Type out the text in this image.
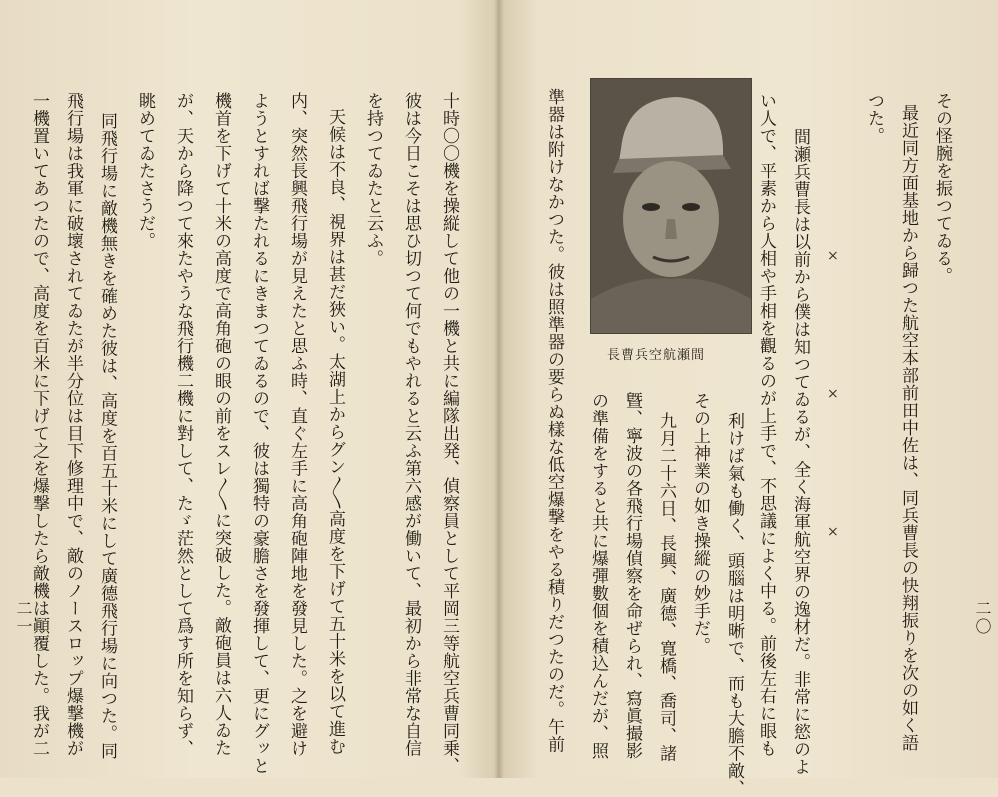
十時〇〇機を操縦して他の一機と共に編隊出発、偵察員として平岡三等航空兵曹同乗、
彼は今日こそは思ひ切つて何でもやれると云ふ第六感が働いて、最初から非常な自信
を持つてゐたと云ふ。
天候は不良、視界は甚だ狹い。太湖上からグン〳〵高度を下げて五十米を以て進む
内、突然長興飛行場が見えたと思ふ時、直ぐ左手に高角砲陣地を發見した。之を避け
ようとすれば撃たれるにきまつてゐるので、彼は獨特の豪膽さを發揮して、更にグッと
機首を下げて十米の高度で高角砲の眼の前をスレ〳〵に突破した。敵砲員は六人ゐた
が、天から降つて來たやうな飛行機二機に對して、たゞ茫然として爲す所を知らず、
眺めてゐたさうだ。
同飛行場に敵機無きを確めた彼は、高度を百五十米にして廣德飛行場に向つた。同
飛行場は我軍に破壞されてゐたが半分位は目下修理中で、敵のノースロップ爆撃機が
一機置いてあつたので、高度を百米に下げて之を爆撃したら敵機は顚覆した。我が二
二一
その怪腕を振つてゐる。
最近同方面基地から歸つた航空本部前田中佐は、同兵曹長の快翔振りを次の如く語
つた。
×
×
×
間瀬兵曹長は以前から僕は知つてゐるが、全く海軍航空界の逸材だ。非常に慾のよ
い人で、平素から人相や手相を觀るのが上手で、不思議によく中る。前後左右に眼も
利けば氣も働く、頭腦は明晰で、而も大膽不敵、
その上神業の如き操縱の妙手だ。
九月二十六日、長興、廣德、寛橋、喬司、諸
曁、寧波の各飛行場偵察を命ぜられ、寫眞撮影
の準備をすると共に爆彈數個を積込んだが、照
準器は附けなかつた。彼は照準器の要らぬ樣な低空爆撃をやる積りだつたのだ。午前	長曹兵空航瀬間
二〇
